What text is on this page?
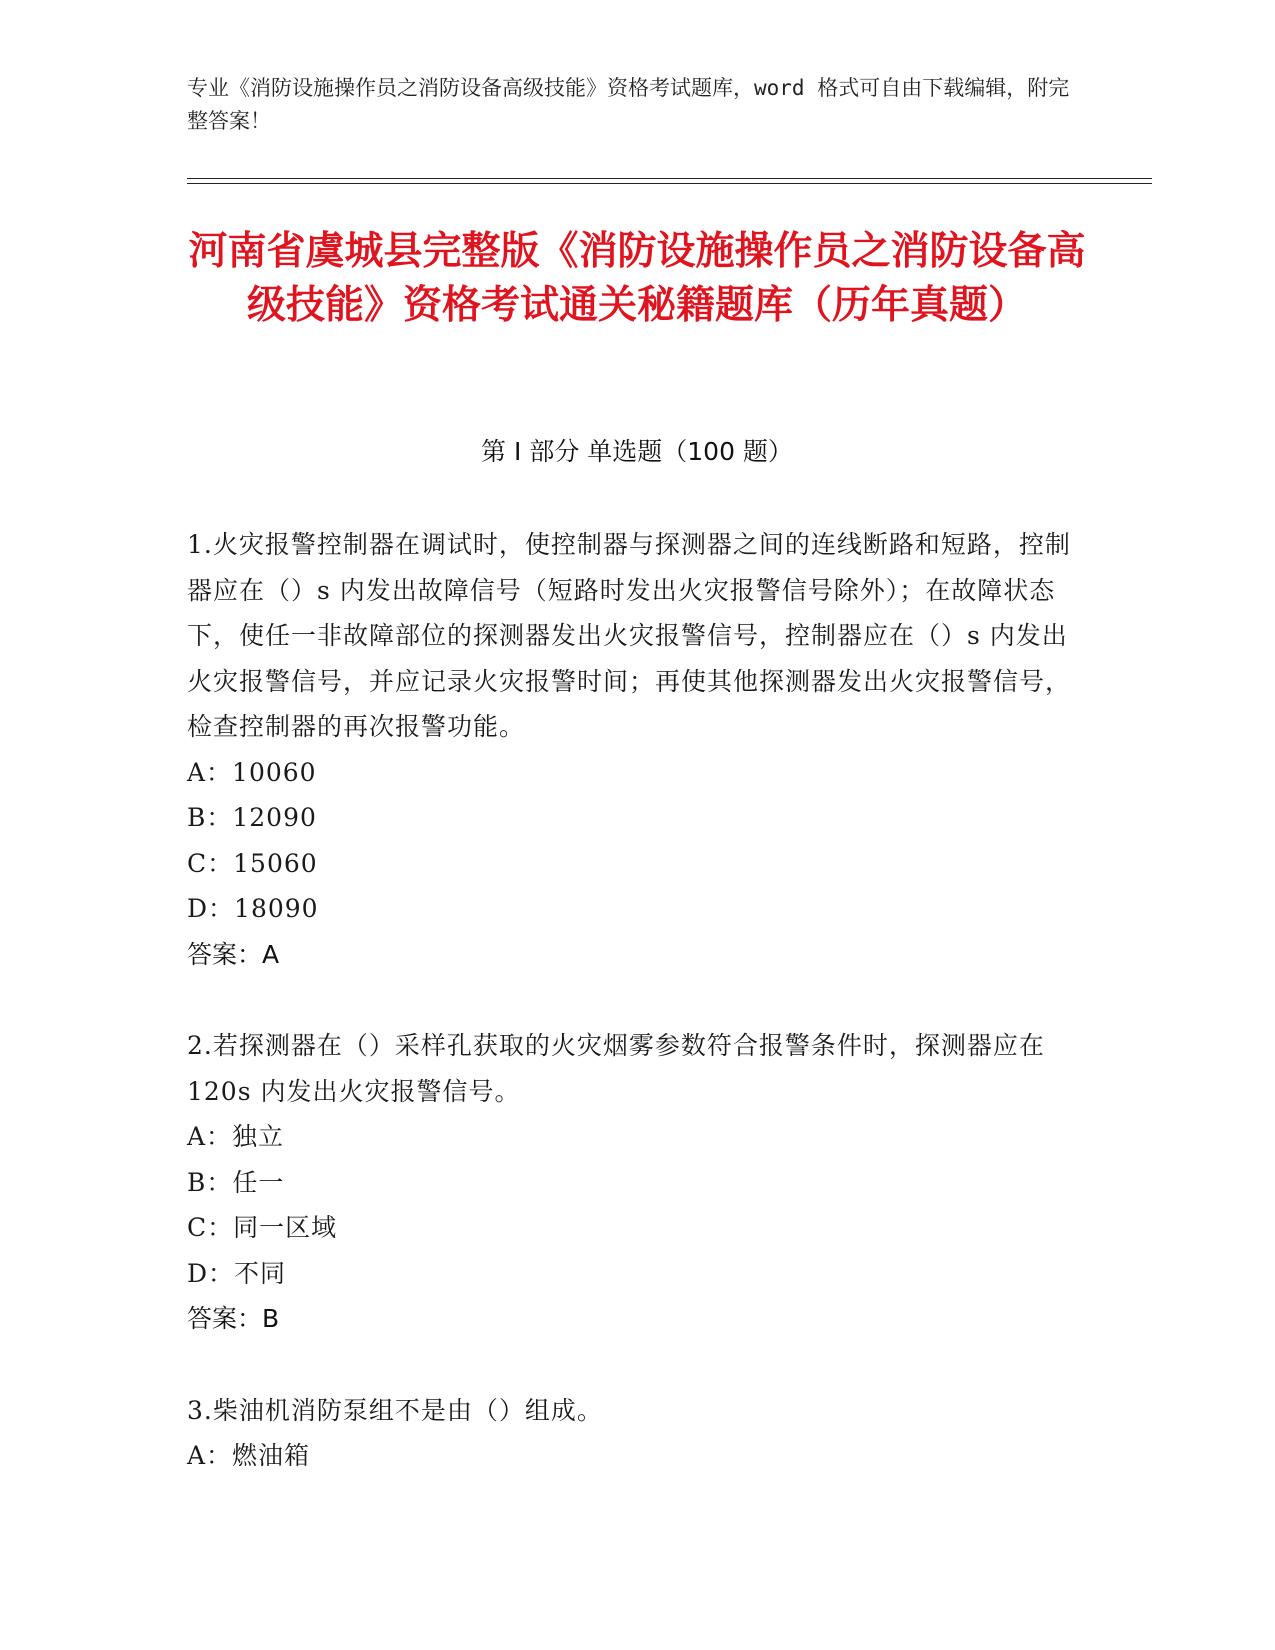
专业《消防设施操作员之消防设备高级技能》资格考试题库，word 格式可自由下载编辑，附完整答案！
河南省虞城县完整版《消防设施操作员之消防设备高级技能》资格考试通关秘籍题库（历年真题）
第 I 部分 单选题（100 题）
1.火灾报警控制器在调试时，使控制器与探测器之间的连线断路和短路，控制器应在（）s 内发出故障信号（短路时发出火灾报警信号除外）；在故障状态下，使任一非故障部位的探测器发出火灾报警信号，控制器应在（）s 内发出火灾报警信号，并应记录火灾报警时间；再使其他探测器发出火灾报警信号，检查控制器的再次报警功能。
A：10060
B：12090
C：15060
D：18090
答案：A
2.若探测器在（）采样孔获取的火灾烟雾参数符合报警条件时，探测器应在 120s 内发出火灾报警信号。
A：独立
B：任一
C：同一区域
D：不同
答案：B
3.柴油机消防泵组不是由（）组成。
A：燃油箱
